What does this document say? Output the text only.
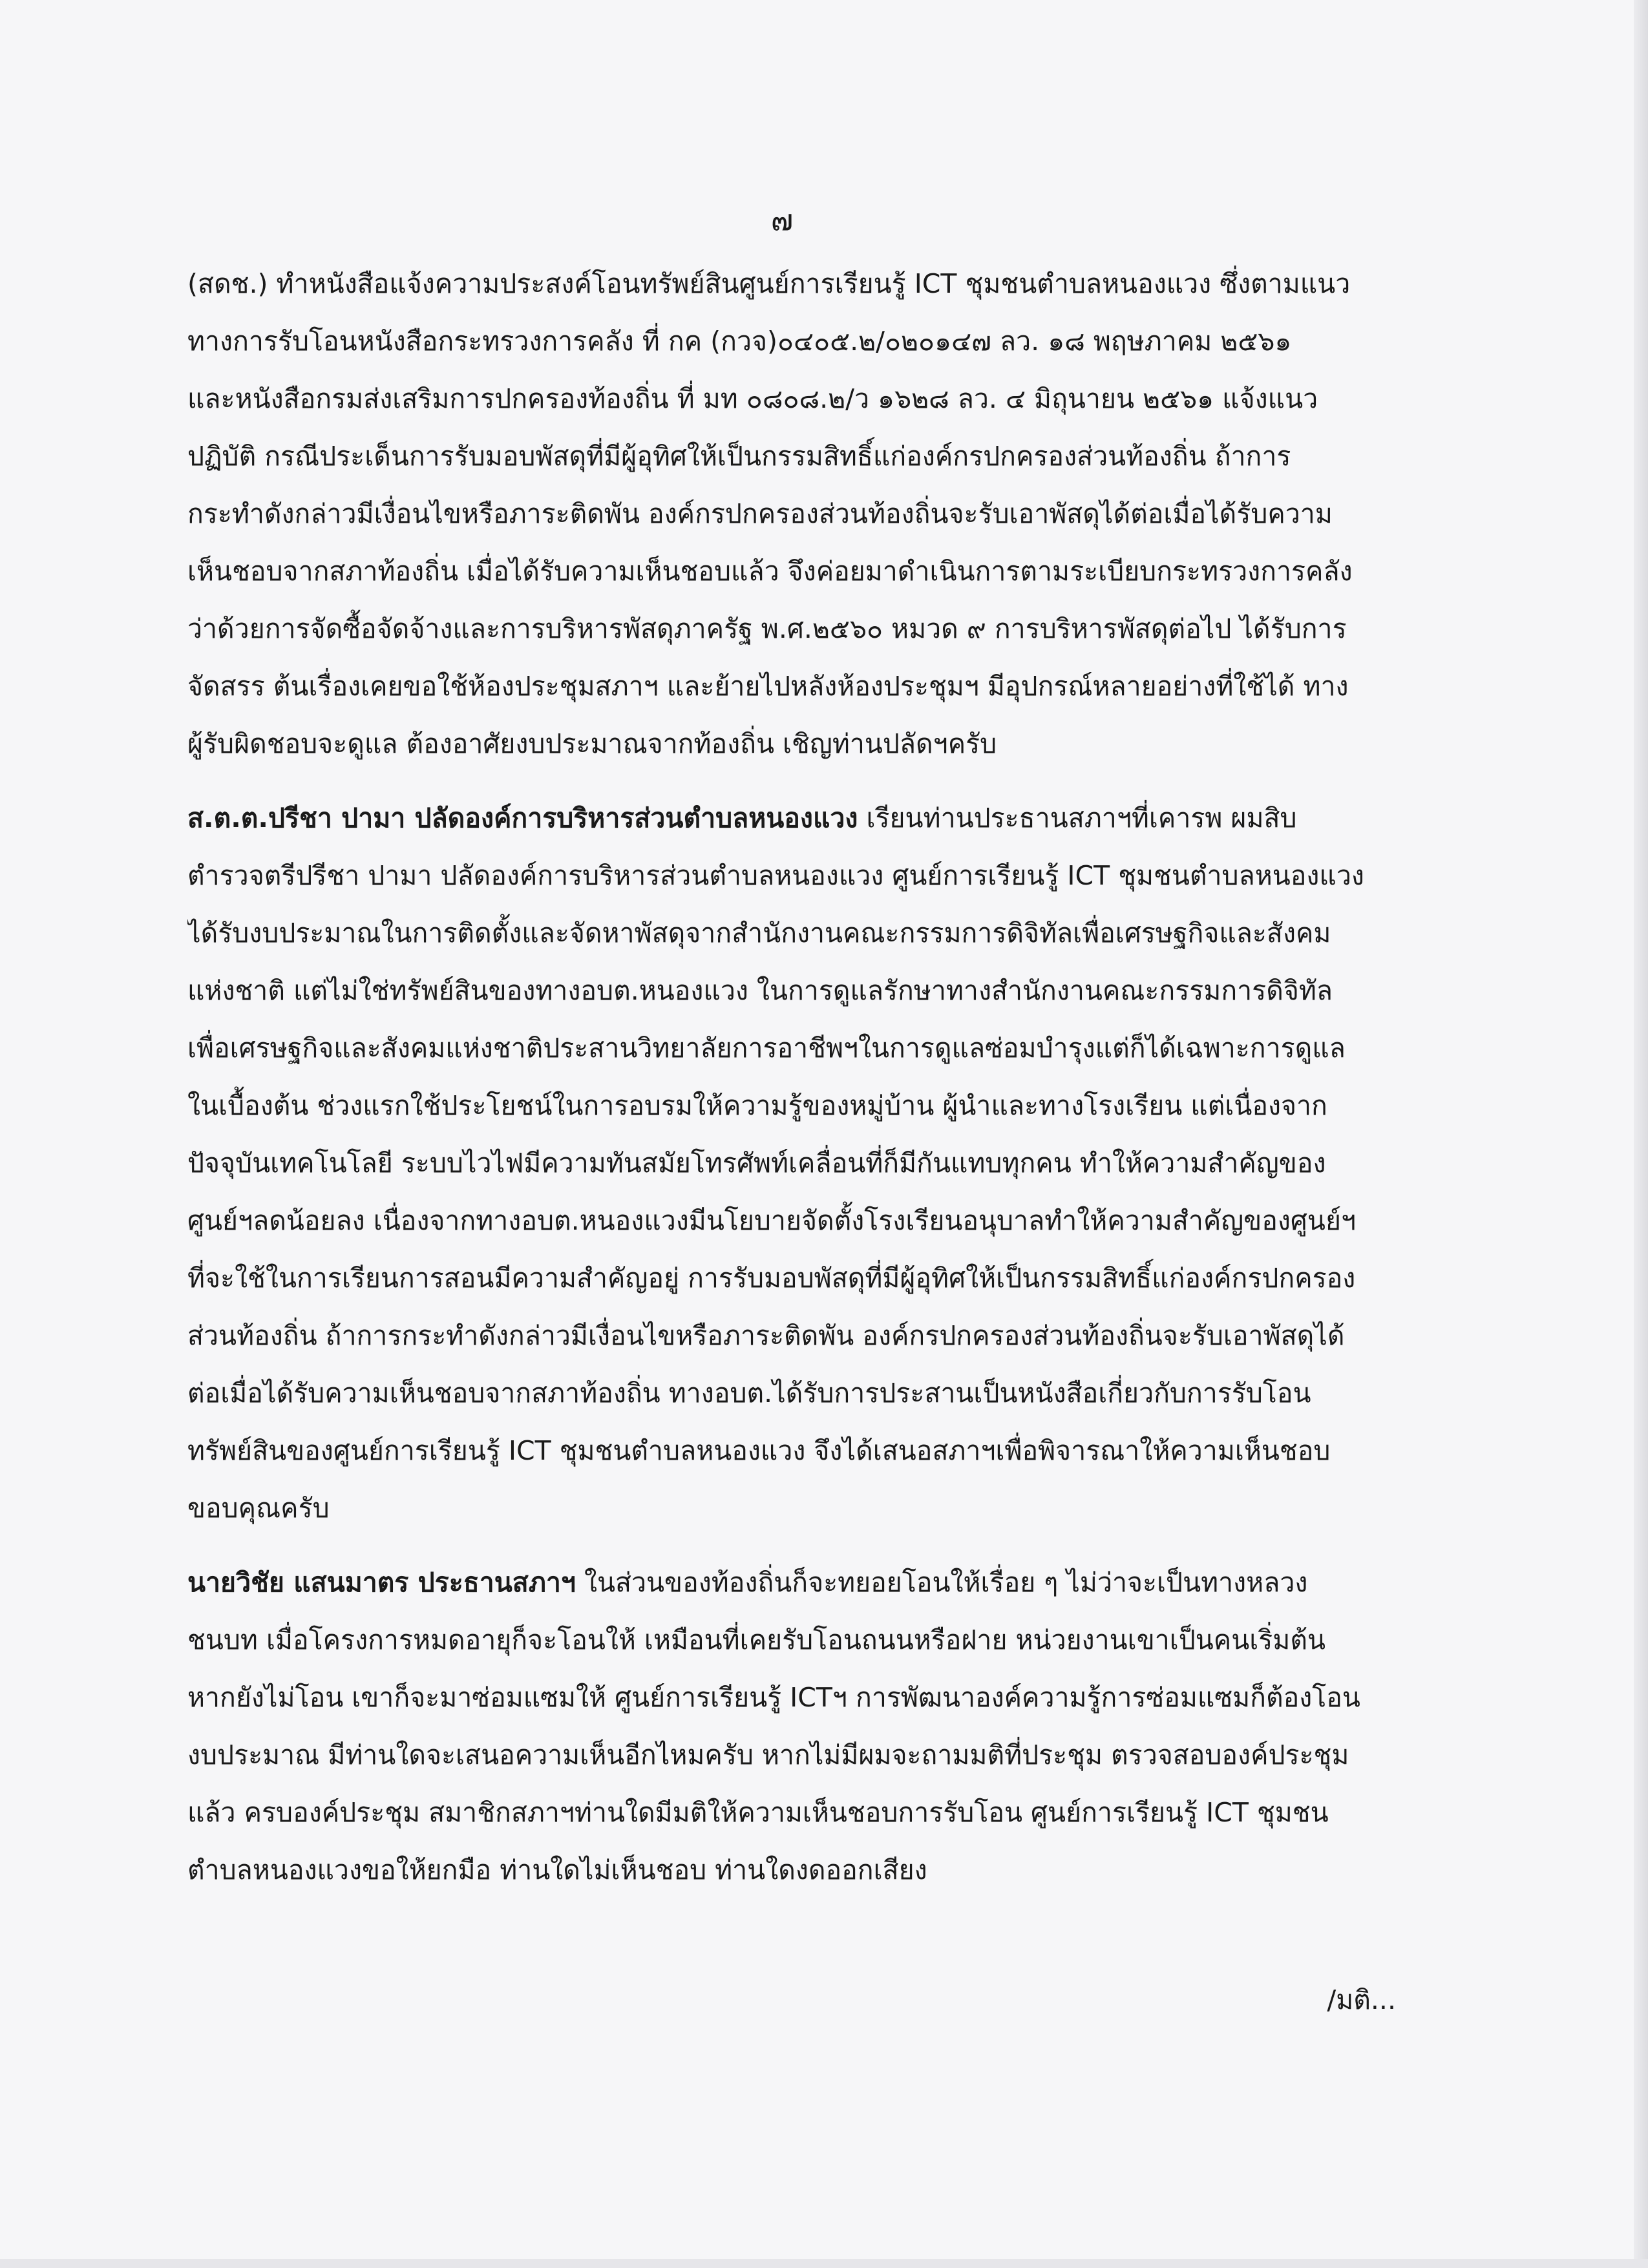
๗
(สดช.) ทำหนังสือแจ้งความประสงค์โอนทรัพย์สินศูนย์การเรียนรู้ ICT ชุมชนตำบลหนองแวง ซึ่งตามแนว
ทางการรับโอนหนังสือกระทรวงการคลัง ที่ กค (กวจ)๐๔๐๕.๒/๐๒๐๑๔๗ ลว. ๑๘ พฤษภาคม ๒๕๖๑
และหนังสือกรมส่งเสริมการปกครองท้องถิ่น ที่ มท ๐๘๐๘.๒/ว ๑๖๒๘ ลว. ๔ มิถุนายน ๒๕๖๑ แจ้งแนว
ปฏิบัติ กรณีประเด็นการรับมอบพัสดุที่มีผู้อุทิศให้เป็นกรรมสิทธิ์แก่องค์กรปกครองส่วนท้องถิ่น ถ้าการ
กระทำดังกล่าวมีเงื่อนไขหรือภาระติดพัน องค์กรปกครองส่วนท้องถิ่นจะรับเอาพัสดุได้ต่อเมื่อได้รับความ
เห็นชอบจากสภาท้องถิ่น เมื่อได้รับความเห็นชอบแล้ว จึงค่อยมาดำเนินการตามระเบียบกระทรวงการคลัง
ว่าด้วยการจัดซื้อจัดจ้างและการบริหารพัสดุภาครัฐ พ.ศ.๒๕๖๐ หมวด ๙ การบริหารพัสดุต่อไป ได้รับการ
จัดสรร ต้นเรื่องเคยขอใช้ห้องประชุมสภาฯ และย้ายไปหลังห้องประชุมฯ มีอุปกรณ์หลายอย่างที่ใช้ได้ ทาง
ผู้รับผิดชอบจะดูแล ต้องอาศัยงบประมาณจากท้องถิ่น เชิญท่านปลัดฯครับ
ส.ต.ต.ปรีชา ปามา ปลัดองค์การบริหารส่วนตำบลหนองแวง เรียนท่านประธานสภาฯที่เคารพ ผมสิบ
ตำรวจตรีปรีชา ปามา ปลัดองค์การบริหารส่วนตำบลหนองแวง ศูนย์การเรียนรู้ ICT ชุมชนตำบลหนองแวง
ได้รับงบประมาณในการติดตั้งและจัดหาพัสดุจากสำนักงานคณะกรรมการดิจิทัลเพื่อเศรษฐกิจและสังคม
แห่งชาติ แต่ไม่ใช่ทรัพย์สินของทางอบต.หนองแวง ในการดูแลรักษาทางสำนักงานคณะกรรมการดิจิทัล
เพื่อเศรษฐกิจและสังคมแห่งชาติประสานวิทยาลัยการอาชีพฯในการดูแลซ่อมบำรุงแต่ก็ได้เฉพาะการดูแล
ในเบื้องต้น ช่วงแรกใช้ประโยชน์ในการอบรมให้ความรู้ของหมู่บ้าน ผู้นำและทางโรงเรียน แต่เนื่องจาก
ปัจจุบันเทคโนโลยี ระบบไวไฟมีความทันสมัยโทรศัพท์เคลื่อนที่ก็มีกันแทบทุกคน ทำให้ความสำคัญของ
ศูนย์ฯลดน้อยลง เนื่องจากทางอบต.หนองแวงมีนโยบายจัดตั้งโรงเรียนอนุบาลทำให้ความสำคัญของศูนย์ฯ
ที่จะใช้ในการเรียนการสอนมีความสำคัญอยู่ การรับมอบพัสดุที่มีผู้อุทิศให้เป็นกรรมสิทธิ์แก่องค์กรปกครอง
ส่วนท้องถิ่น ถ้าการกระทำดังกล่าวมีเงื่อนไขหรือภาระติดพัน องค์กรปกครองส่วนท้องถิ่นจะรับเอาพัสดุได้
ต่อเมื่อได้รับความเห็นชอบจากสภาท้องถิ่น ทางอบต.ได้รับการประสานเป็นหนังสือเกี่ยวกับการรับโอน
ทรัพย์สินของศูนย์การเรียนรู้ ICT ชุมชนตำบลหนองแวง จึงได้เสนอสภาฯเพื่อพิจารณาให้ความเห็นชอบ
ขอบคุณครับ
นายวิชัย แสนมาตร ประธานสภาฯ ในส่วนของท้องถิ่นก็จะทยอยโอนให้เรื่อย ๆ ไม่ว่าจะเป็นทางหลวง
ชนบท เมื่อโครงการหมดอายุก็จะโอนให้ เหมือนที่เคยรับโอนถนนหรือฝาย หน่วยงานเขาเป็นคนเริ่มต้น
หากยังไม่โอน เขาก็จะมาซ่อมแซมให้ ศูนย์การเรียนรู้ ICTฯ การพัฒนาองค์ความรู้การซ่อมแซมก็ต้องโอน
งบประมาณ มีท่านใดจะเสนอความเห็นอีกไหมครับ หากไม่มีผมจะถามมติที่ประชุม ตรวจสอบองค์ประชุม
แล้ว ครบองค์ประชุม สมาชิกสภาฯท่านใดมีมติให้ความเห็นชอบการรับโอน ศูนย์การเรียนรู้ ICT ชุมชน
ตำบลหนองแวงขอให้ยกมือ ท่านใดไม่เห็นชอบ ท่านใดงดออกเสียง
/มติ...
